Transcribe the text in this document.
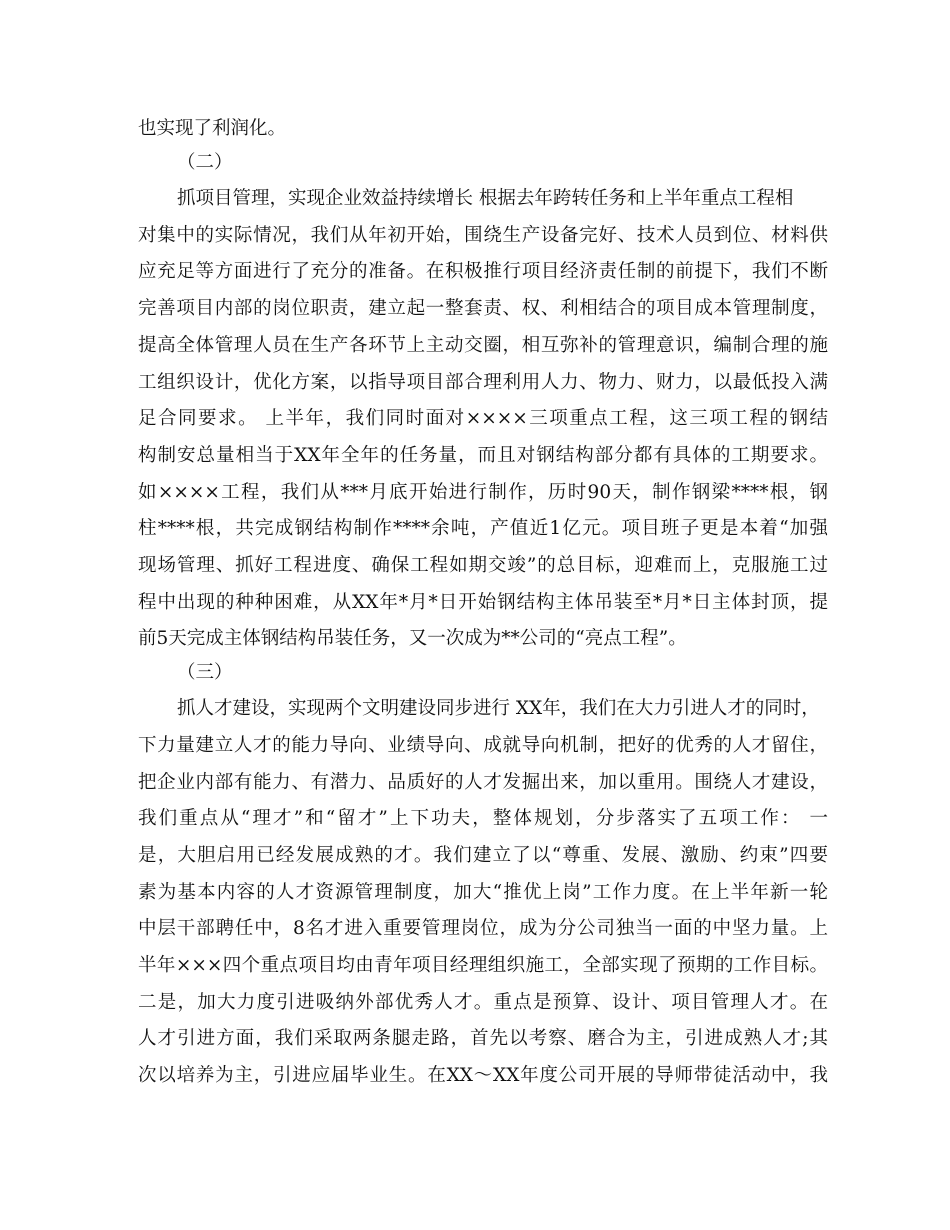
也实现了利润化。
（二）
抓项目管理，实现企业效益持续增长 根据去年跨转任务和上半年重点工程相
对集中的实际情况，我们从年初开始，围绕生产设备完好、技术人员到位、材料供
应充足等方面进行了充分的准备。在积极推行项目经济责任制的前提下，我们不断
完善项目内部的岗位职责，建立起一整套责、权、利相结合的项目成本管理制度，
提高全体管理人员在生产各环节上主动交圈，相互弥补的管理意识，编制合理的施
工组织设计，优化方案，以指导项目部合理利用人力、物力、财力，以最低投入满
足合同要求。 上半年，我们同时面对××××三项重点工程，这三项工程的钢结
构制安总量相当于XX年全年的任务量，而且对钢结构部分都有具体的工期要求。
如××××工程，我们从***月底开始进行制作，历时90天，制作钢梁****根，钢
柱****根，共完成钢结构制作****余吨，产值近1亿元。项目班子更是本着“加强
现场管理、抓好工程进度、确保工程如期交竣”的总目标，迎难而上，克服施工过
程中出现的种种困难，从XX年*月*日开始钢结构主体吊装至*月*日主体封顶，提
前5天完成主体钢结构吊装任务，又一次成为**公司的“亮点工程”。
（三）
抓人才建设，实现两个文明建设同步进行 XX年，我们在大力引进人才的同时，
下力量建立人才的能力导向、业绩导向、成就导向机制，把好的优秀的人才留住，
把企业内部有能力、有潜力、品质好的人才发掘出来，加以重用。围绕人才建设，
我们重点从“理才”和“留才”上下功夫，整体规划，分步落实了五项工作： 一
是，大胆启用已经发展成熟的才。我们建立了以“尊重、发展、激励、约束”四要
素为基本内容的人才资源管理制度，加大“推优上岗”工作力度。在上半年新一轮
中层干部聘任中，8名才进入重要管理岗位，成为分公司独当一面的中坚力量。上
半年×××四个重点项目均由青年项目经理组织施工，全部实现了预期的工作目标。
二是，加大力度引进吸纳外部优秀人才。重点是预算、设计、项目管理人才。在
人才引进方面，我们采取两条腿走路，首先以考察、磨合为主，引进成熟人才;其
次以培养为主，引进应届毕业生。在XX～XX年度公司开展的导师带徒活动中，我
